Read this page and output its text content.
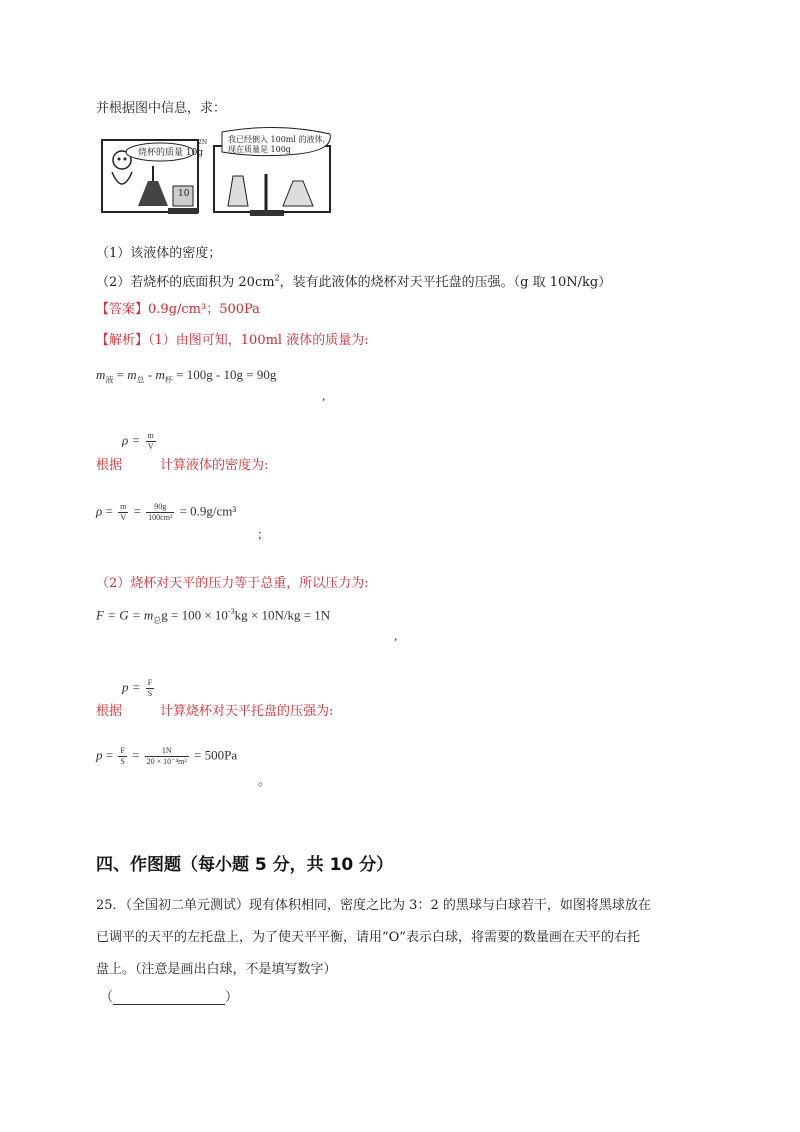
并根据图中信息，求：
烧杯的质量 10g
我已经倒入 100ml 的液体，
现在质量是 100g
10
2N
（1）该液体的密度；
（2）若烧杯的底面积为 $20cm^2$，装有此液体的烧杯对天平托盘的压强。（g 取 10N/kg）
【答案】0.9g/cm³；500Pa
【解析】（1）由图可知，100ml 液体的质量为:
$m_液 = m_总 - m_杯 = 100g - 10g = 90g$
,
$\rho = \frac{m}{V}$
根据	计算液体的密度为:
$\rho = \frac{m}{V} = \frac{90g}{\text{100cm³}} = 0.9g/cm^3$
;
（2）烧杯对天平的压力等于总重，所以压力为:
$F = G = m_总g = 100 \times 10^{-3}kg \times 10N/kg = 1N$
,
$p = \frac{F}{S}$
根据	计算烧杯对天平托盘的压强为:
$p = \frac{F}{S} = \frac{1N}{\text{20 × 10⁻⁴m²}} = 500Pa$
。
四、作图题（每小题 5 分，共 10 分）
25．（全国初二单元测试）现有体积相同，密度之比为 3：2 的黑球与白球若干，如图将黑球放在
已调平的天平的左托盘上，为了使天平平衡，请用“O”表示白球，将需要的数量画在天平的右托
盘上。（注意是画出白球，不是填写数字）
（	）
